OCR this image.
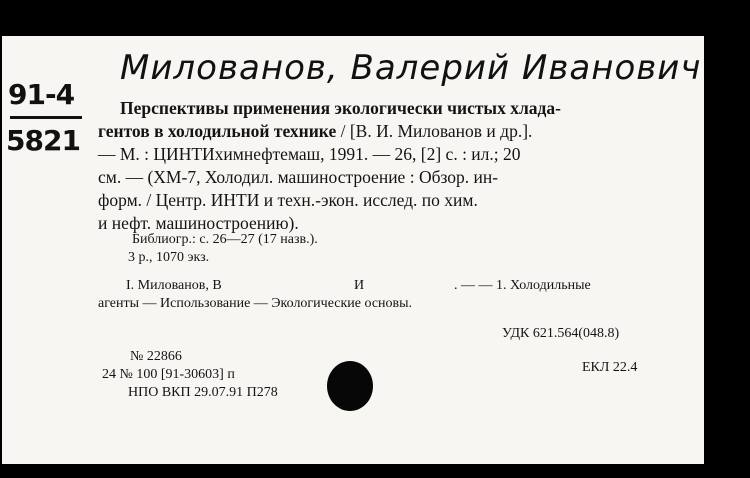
Милованов, Валерий Иванович
91-4
5821
Перспективы применения экологически чистых хлада-
гентов в холодильной технике / [В. И. Милованов и др.].
— М. : ЦИНТИхимнефтемаш, 1991. — 26, [2] с. : ил.; 20
см. — (ХМ-7, Холодил. машиностроение : Обзор. ин-
форм. / Центр. ИНТИ и техн.-экон. исслед. по хим.
и нефт. машиностроению).
Библиогр.: с. 26—27 (17 назв.).
3 р., 1070 экз.
I. Милованов, В	И	. — — 1. Холодильные
агенты — Использование — Экологические основы.
УДК 621.564(048.8)
ЕКЛ 22.4
№ 22866
24 № 100 [91-30603] п
НПО ВКП 29.07.91 П278
